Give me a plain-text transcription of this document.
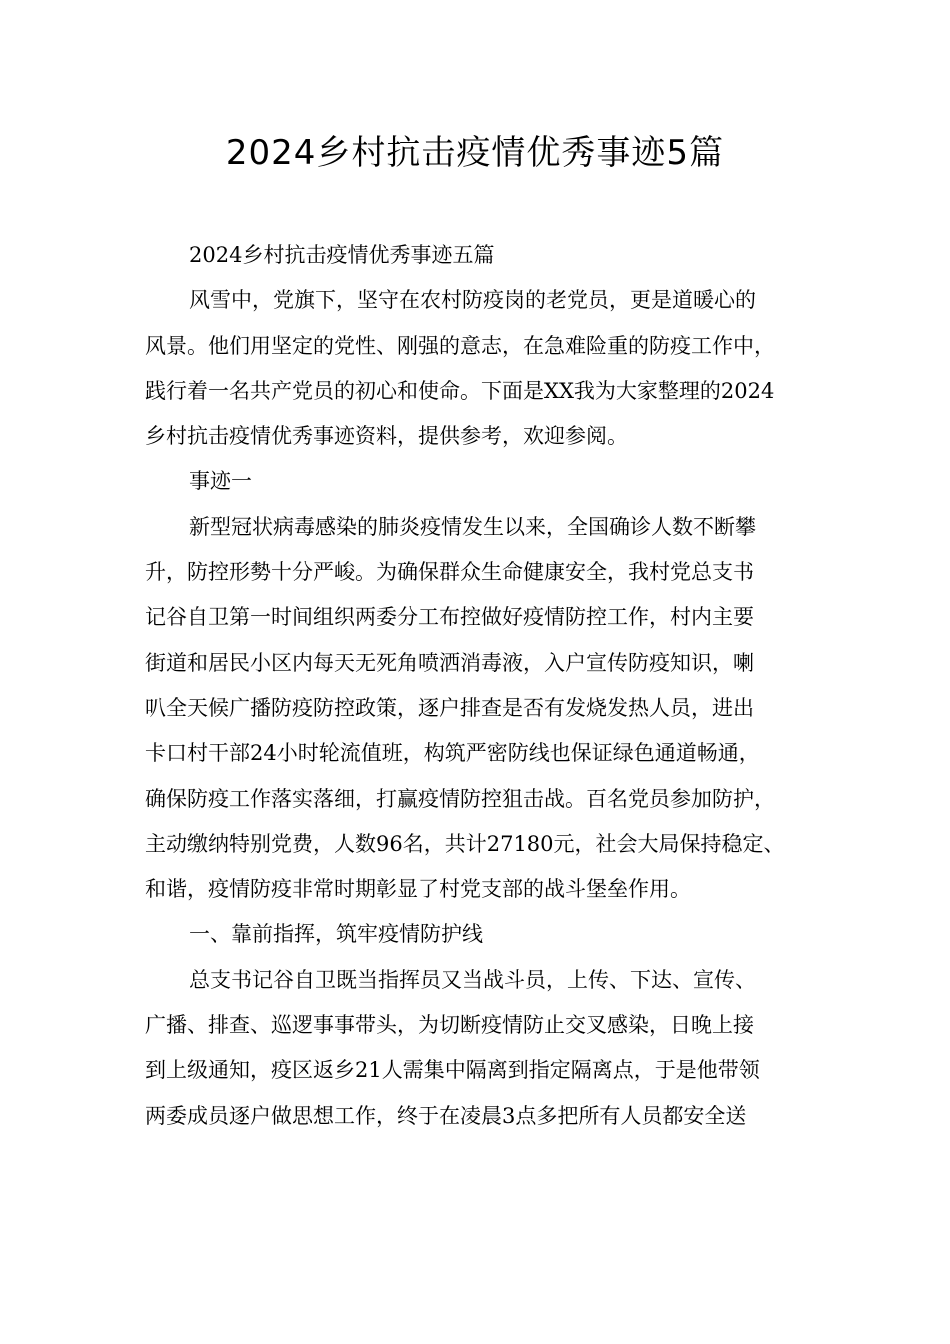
2024乡村抗击疫情优秀事迹5篇
2024乡村抗击疫情优秀事迹五篇
风雪中，党旗下，坚守在农村防疫岗的老党员，更是道暖心的
风景。他们用坚定的党性、刚强的意志，在急难险重的防疫工作中，
践行着一名共产党员的初心和使命。下面是XX我为大家整理的2024
乡村抗击疫情优秀事迹资料，提供参考，欢迎参阅。
事迹一
新型冠状病毒感染的肺炎疫情发生以来，全国确诊人数不断攀
升，防控形勢十分严峻。为确保群众生命健康安全，我村党总支书
记谷自卫第一时间组织两委分工布控做好疫情防控工作，村内主要
街道和居民小区内每天无死角喷洒消毒液，入户宣传防疫知识，喇
叭全天候广播防疫防控政策，逐户排查是否有发烧发热人员，进出
卡口村干部24小时轮流值班，构筑严密防线也保证绿色通道畅通，
确保防疫工作落实落细，打赢疫情防控狙击战。百名党员参加防护，
主动缴纳特别党费，人数96名，共计27180元，社会大局保持稳定、
和谐，疫情防疫非常时期彰显了村党支部的战斗堡垒作用。
一、靠前指挥，筑牢疫情防护线
总支书记谷自卫既当指挥员又当战斗员，上传、下达、宣传、
广播、排查、巡逻事事带头，为切断疫情防止交叉感染，日晚上接
到上级通知，疫区返乡21人需集中隔离到指定隔离点，于是他带领
两委成员逐户做思想工作，终于在凌晨3点多把所有人员都安全送
